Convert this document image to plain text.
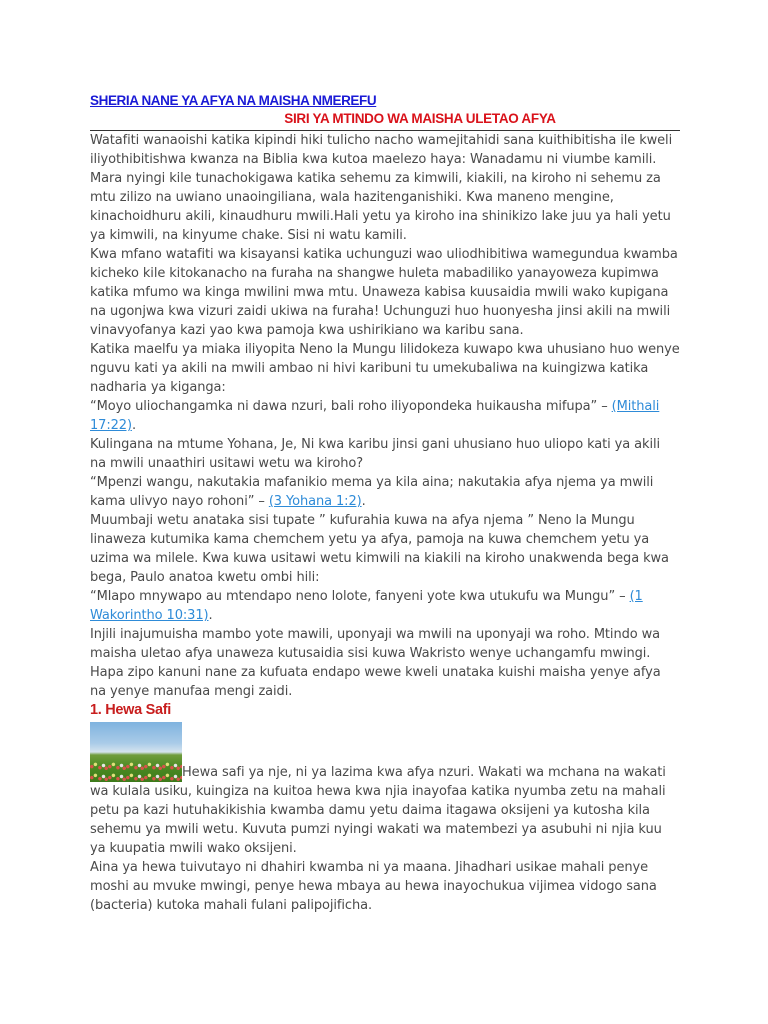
SHERIA NANE YA AFYA NA MAISHA NMEREFU
SIRI YA MTINDO WA MAISHA ULETAO AFYA

Watafiti wanaoishi katika kipindi hiki tulicho nacho wamejitahidi sana kuithibitisha ile kweli iliyothibitishwa kwanza na Biblia kwa kutoa maelezo haya: Wanadamu ni viumbe kamili. Mara nyingi kile tunachokigawa katika sehemu za kimwili, kiakili, na kiroho ni sehemu za mtu zilizo na uwiano unaoingiliana, wala hazitenganishiki. Kwa maneno mengine, kinachoidhuru akili, kinaudhuru mwili.Hali yetu ya kiroho ina shinikizo lake juu ya hali yetu ya kimwili, na kinyume chake. Sisi ni watu kamili.

Kwa mfano watafiti wa kisayansi katika uchunguzi wao uliodhibitiwa wamegundua kwamba kicheko kile kitokanacho na furaha na shangwe huleta mabadiliko yanayoweza kupimwa katika mfumo wa kinga mwilini mwa mtu. Unaweza kabisa kuusaidia mwili wako kupigana na ugonjwa kwa vizuri zaidi ukiwa na furaha! Uchunguzi huo huonyesha jinsi akili na mwili vinavyofanya kazi yao kwa pamoja kwa ushirikiano wa karibu sana.

Katika maelfu ya miaka iliyopita Neno la Mungu lilidokeza kuwapo kwa uhusiano huo wenye nguvu kati ya akili na mwili ambao ni hivi karibuni tu umekubaliwa na kuingizwa katika nadharia ya kiganga:

“Moyo uliochangamka ni dawa nzuri, bali roho iliyopondeka huikausha mifupa” – (Mithali 17:22).

Kulingana na mtume Yohana, Je, Ni kwa karibu jinsi gani uhusiano huo uliopo kati ya akili na mwili unaathiri usitawi wetu wa kiroho?

“Mpenzi wangu, nakutakia mafanikio mema ya kila aina; nakutakia afya njema ya mwili kama ulivyo nayo rohoni” – (3 Yohana 1:2).

Muumbaji wetu anataka sisi tupate ” kufurahia kuwa na afya njema ” Neno la Mungu linaweza kutumika kama chemchem yetu ya afya, pamoja na kuwa chemchem yetu ya uzima wa milele. Kwa kuwa usitawi wetu kimwili na kiakili na kiroho unakwenda bega kwa bega, Paulo anatoa kwetu ombi hili:

“Mlapo mnywapo au mtendapo neno lolote, fanyeni yote kwa utukufu wa Mungu” – (1 Wakorintho 10:31).

Injili inajumuisha mambo yote mawili, uponyaji wa mwili na uponyaji wa roho. Mtindo wa maisha uletao afya unaweza kutusaidia sisi kuwa Wakristo wenye uchangamfu mwingi.

Hapa zipo kanuni nane za kufuata endapo wewe kweli unataka kuishi maisha yenye afya na yenye manufaa mengi zaidi.

1. Hewa Safi

Hewa safi ya nje, ni ya lazima kwa afya nzuri. Wakati wa mchana na wakati wa kulala usiku, kuingiza na kuitoa hewa kwa njia inayofaa katika nyumba zetu na mahali petu pa kazi hutuhakikishia kwamba damu yetu daima itagawa oksijeni ya kutosha kila sehemu ya mwili wetu. Kuvuta pumzi nyingi wakati wa matembezi ya asubuhi ni njia kuu ya kuupatia mwili wako oksijeni.

Aina ya hewa tuivutayo ni dhahiri kwamba ni ya maana. Jihadhari usikae mahali penye moshi au mvuke mwingi, penye hewa mbaya au hewa inayochukua vijimea vidogo sana (bacteria) kutoka mahali fulani palipojificha.
